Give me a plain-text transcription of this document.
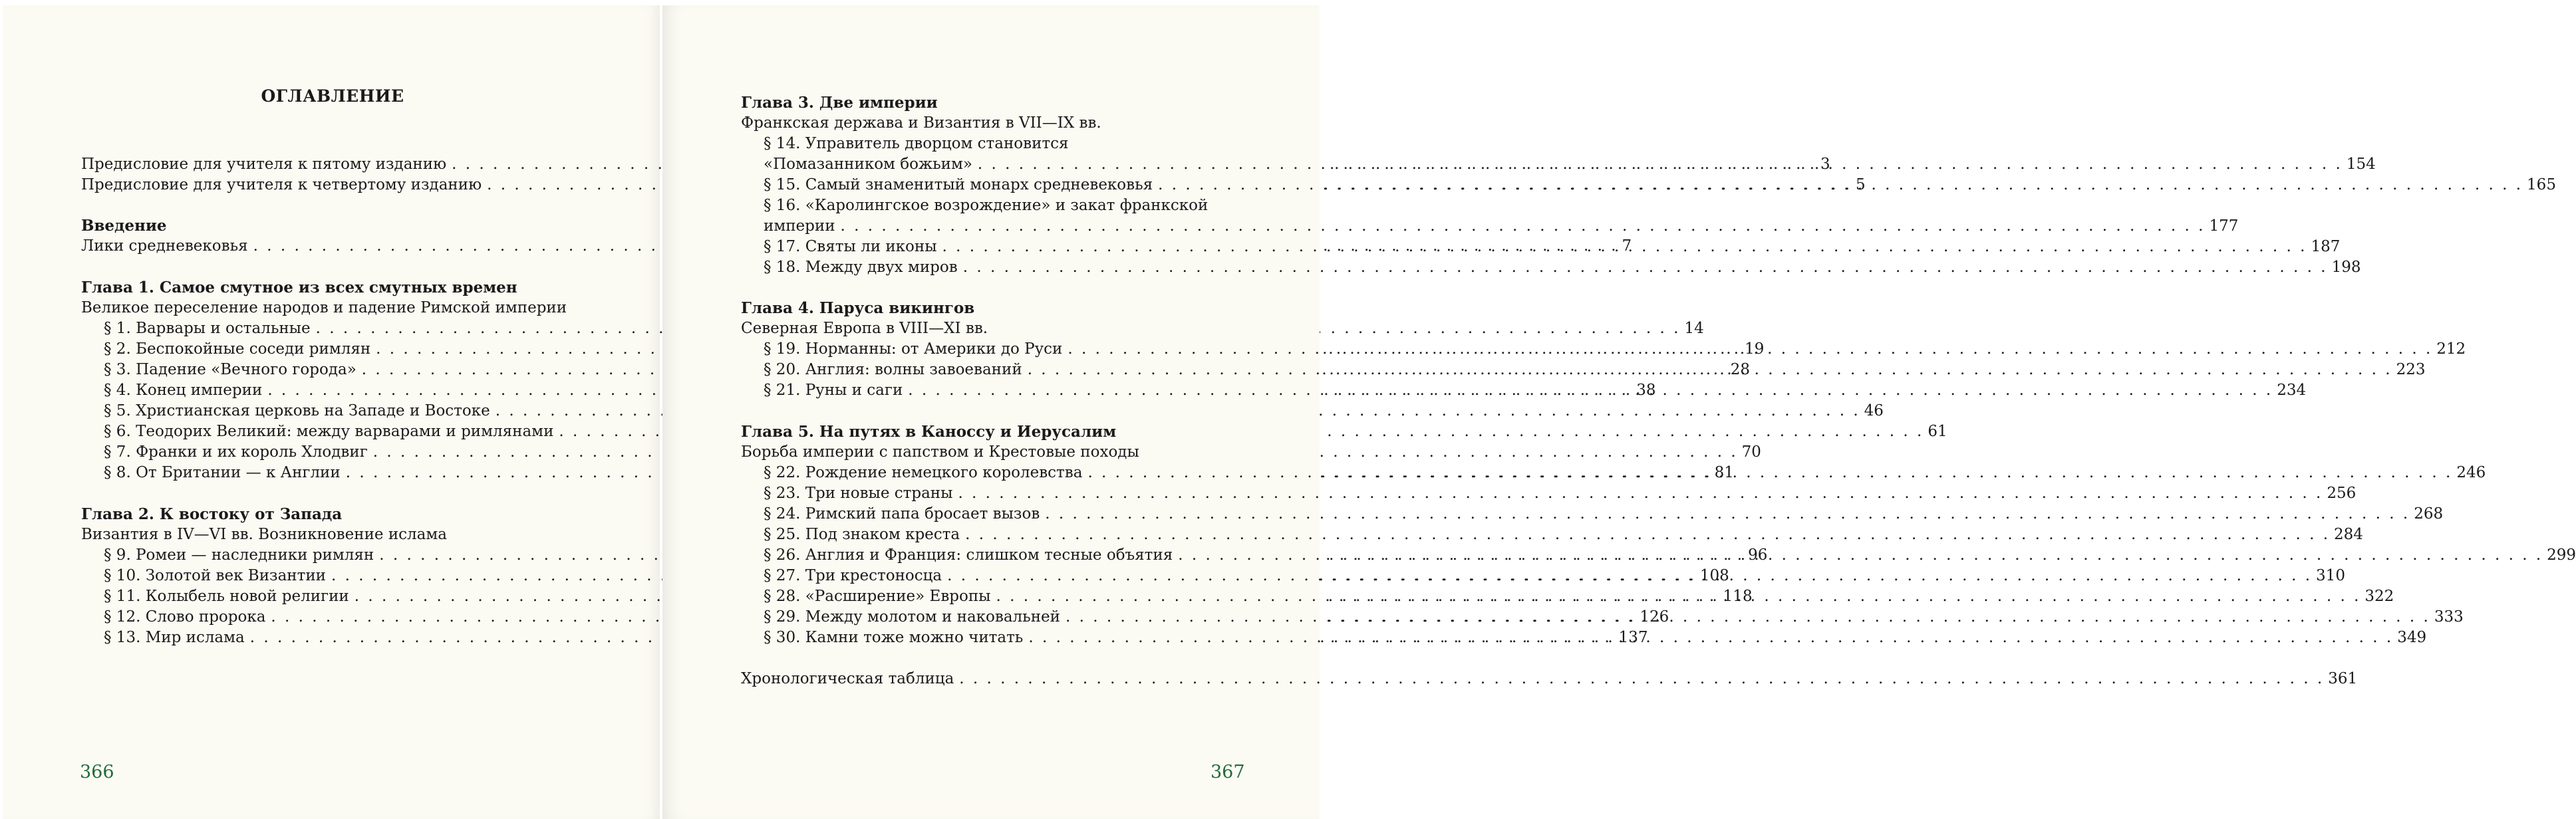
ОГЛАВЛЕНИЕ
Предисловие для учителя к пятому изданию . . .	3
Предисловие для учителя к четвертому изданию . . .	5
Введение
Лики средневековья . . .	7
Глава 1. Самое смутное из всех смутных времен
Великое переселение народов и падение Римской империи
§ 1. Варвары и остальные . . .	14
§ 2. Беспокойные соседи римлян . . .	19
§ 3. Падение «Вечного города» . . .	28
§ 4. Конец империи . . .	38
§ 5. Христианская церковь на Западе и Востоке . . .	46
§ 6. Теодорих Великий: между варварами и римлянами . . .	61
§ 7. Франки и их король Хлодвиг . . .	70
§ 8. От Британии — к Англии . . .	81
Глава 2. К востоку от Запада
Византия в IV—VI вв. Возникновение ислама
§ 9. Ромеи — наследники римлян . . .	96
§ 10. Золотой век Византии . . .	108
§ 11. Колыбель новой религии . . .	118
§ 12. Слово пророка . . .	126
§ 13. Мир ислама . . .	137
366
Глава 3. Две империи
Франкская держава и Византия в VII—IX вв.
§ 14. Управитель дворцом становится
«Помазанником божьим» . . .	154
§ 15. Самый знаменитый монарх средневековья . . .	165
§ 16. «Каролингское возрождение» и закат франкской
империи . . .	177
§ 17. Святы ли иконы . . .	187
§ 18. Между двух миров . . .	198
Глава 4. Паруса викингов
Северная Европа в VIII—XI вв.
§ 19. Норманны: от Америки до Руси . . .	212
§ 20. Англия: волны завоеваний . . .	223
§ 21. Руны и саги . . .	234
Глава 5. На путях в Каноссу и Иерусалим
Борьба империи с папством и Крестовые походы
§ 22. Рождение немецкого королевства . . .	246
§ 23. Три новые страны . . .	256
§ 24. Римский папа бросает вызов . . .	268
§ 25. Под знаком креста . . .	284
§ 26. Англия и Франция: слишком тесные объятия . . .	299
§ 27. Три крестоносца . . .	310
§ 28. «Расширение» Европы . . .	322
§ 29. Между молотом и наковальней . . .	333
§ 30. Камни тоже можно читать . . .	349
Хронологическая таблица . . .	361
367
